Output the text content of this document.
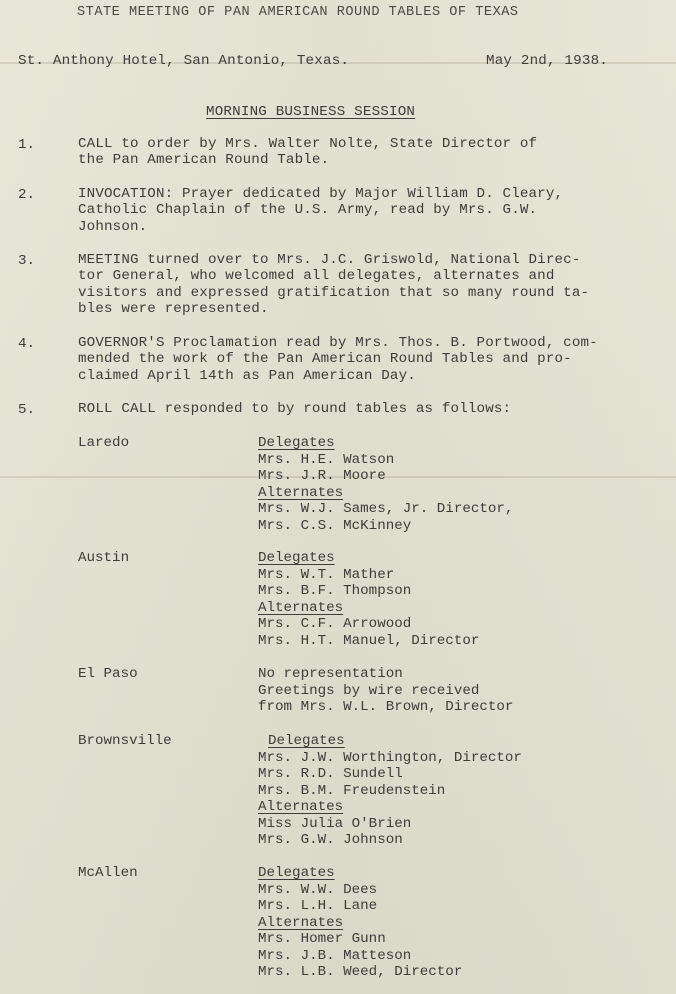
STATE MEETING OF PAN AMERICAN ROUND TABLES OF TEXAS
St. Anthony Hotel, San Antonio, Texas.	May 2nd, 1938.
MORNING BUSINESS SESSION
1.	CALL to order by Mrs. Walter Nolte, State Director of
the Pan American Round Table.
2.	INVOCATION: Prayer dedicated by Major William D. Cleary,
Catholic Chaplain of the U.S. Army, read by Mrs. G.W.
Johnson.
3.	MEETING turned over to Mrs. J.C. Griswold, National Direc-
tor General, who welcomed all delegates, alternates and
visitors and expressed gratification that so many round ta-
bles were represented.
4.	GOVERNOR'S Proclamation read by Mrs. Thos. B. Portwood, com-
mended the work of the Pan American Round Tables and pro-
claimed April 14th as Pan American Day.
5.	ROLL CALL responded to by round tables as follows:
Laredo	Delegates
Mrs. H.E. Watson
Mrs. J.R. Moore
Alternates
Mrs. W.J. Sames, Jr. Director,
Mrs. C.S. McKinney
Austin	Delegates
Mrs. W.T. Mather
Mrs. B.F. Thompson
Alternates
Mrs. C.F. Arrowood
Mrs. H.T. Manuel, Director
El Paso	No representation
Greetings by wire received
from Mrs. W.L. Brown, Director
Brownsville	Delegates
Mrs. J.W. Worthington, Director
Mrs. R.D. Sundell
Mrs. B.M. Freudenstein
Alternates
Miss Julia O'Brien
Mrs. G.W. Johnson
McAllen	Delegates
Mrs. W.W. Dees
Mrs. L.H. Lane
Alternates
Mrs. Homer Gunn
Mrs. J.B. Matteson
Mrs. L.B. Weed, Director
